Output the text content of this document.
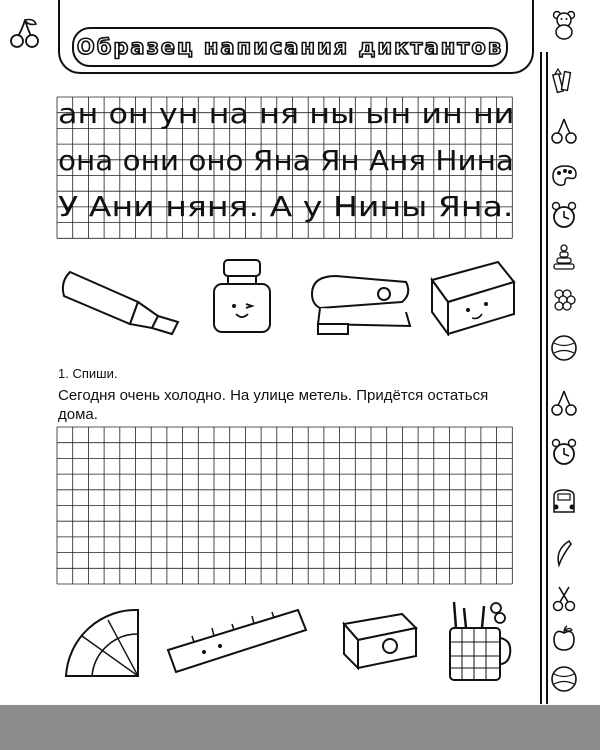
Образец написания диктантов
ан он ун на ня ны ын ин ни
она они оно Яна Ян Аня Нина
У Ани няня. А у Нины Яна.
1. Спиши.
Сегодня очень холодно. На улице метель. Придётся остаться дома.
